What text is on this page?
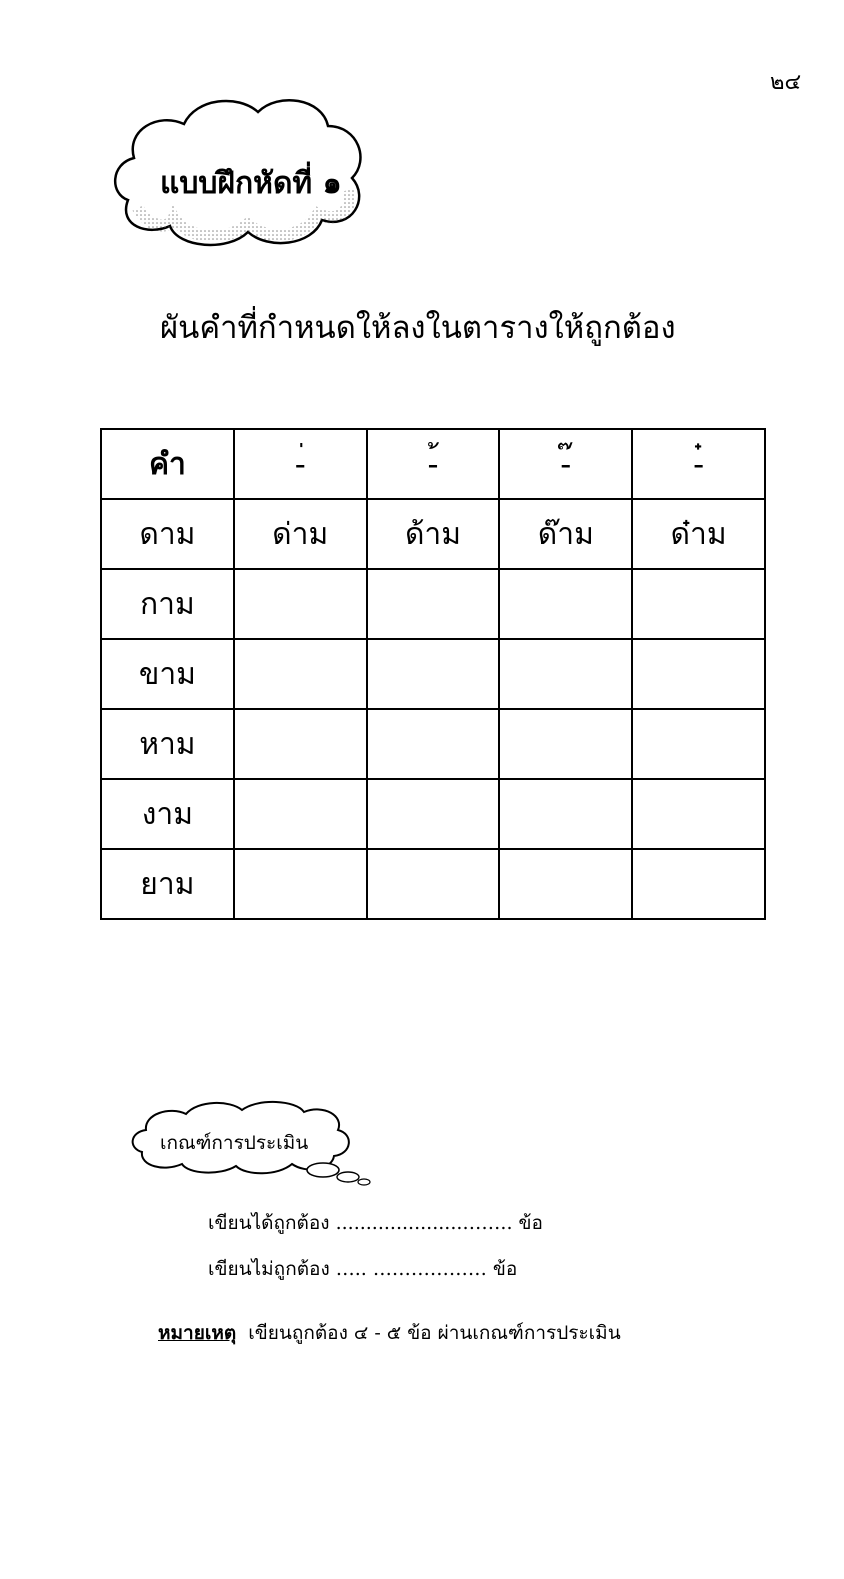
๒๔
แบบฝึกหัดที่ ๑
ผันคำที่กำหนดให้ลงในตารางให้ถูกต้อง
คำ	-่	-้	-๊	-๋
ดาม	ด่าม	ด้าม	ด๊าม	ด๋าม
กาม				
ขาม				
หาม				
งาม				
ยาม				
เกณฑ์การประเมิน
เขียนได้ถูกต้อง .....................…….. ข้อ
เขียนไม่ถูกต้อง ….. ……………… ข้อ
หมายเหตุ เขียนถูกต้อง ๔ - ๕ ข้อ ผ่านเกณฑ์การประเมิน
